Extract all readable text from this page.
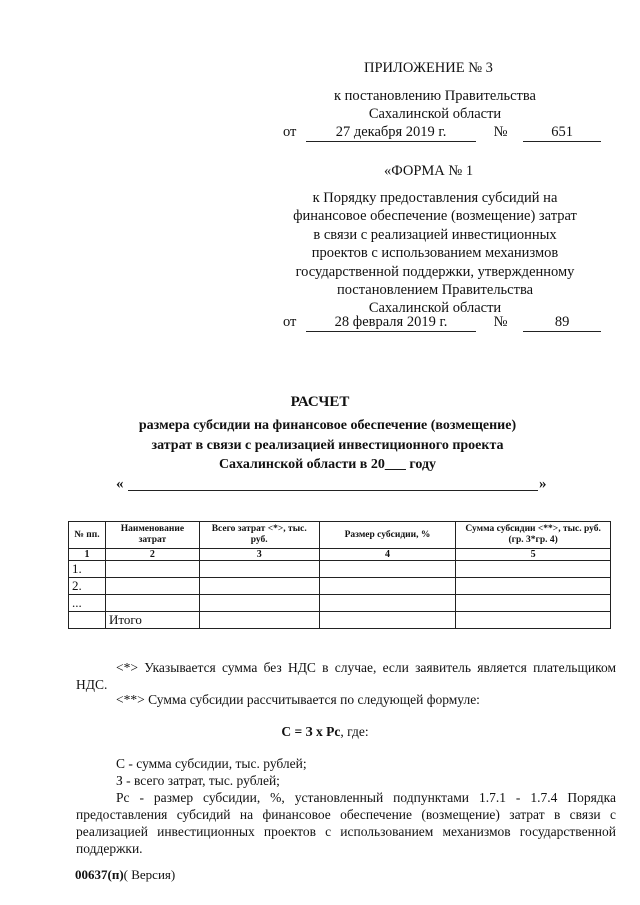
ПРИЛОЖЕНИЕ № 3
к постановлению Правительства
Сахалинской области
от	27 декабря 2019 г.	№	651
«ФОРМА № 1
к Порядку предоставления субсидий на
финансовое обеспечение (возмещение) затрат
в связи с реализацией инвестиционных
проектов с использованием механизмов
государственной поддержки, утвержденному
постановлением Правительства
Сахалинской области
от	28 февраля 2019 г.	№	89
РАСЧЕТ
размера субсидии на финансовое обеспечение (возмещение)
затрат в связи с реализацией инвестиционного проекта
Сахалинской области в 20___ году
«	»
№ пп.	Наименование затрат	Всего затрат <*>, тыс. руб.	Размер субсидии, %	Сумма субсидии <**>, тыс. руб. (гр. 3*гр. 4)
1	2	3	4	5
1.				
2.				
...				
	Итого			
<*> Указывается сумма без НДС в случае, если заявитель является плательщиком НДС.
<**> Сумма субсидии рассчитывается по следующей формуле:
С = З х Рс, где:
С - сумма субсидии, тыс. рублей;
З - всего затрат, тыс. рублей;
Рс - размер субсидии, %, установленный подпунктами 1.7.1 - 1.7.4 Порядка предоставления субсидий на финансовое обеспечение (возмещение) затрат в связи с реализацией инвестиционных проектов с использованием механизмов государственной поддержки.
00637(п)( Версия)
